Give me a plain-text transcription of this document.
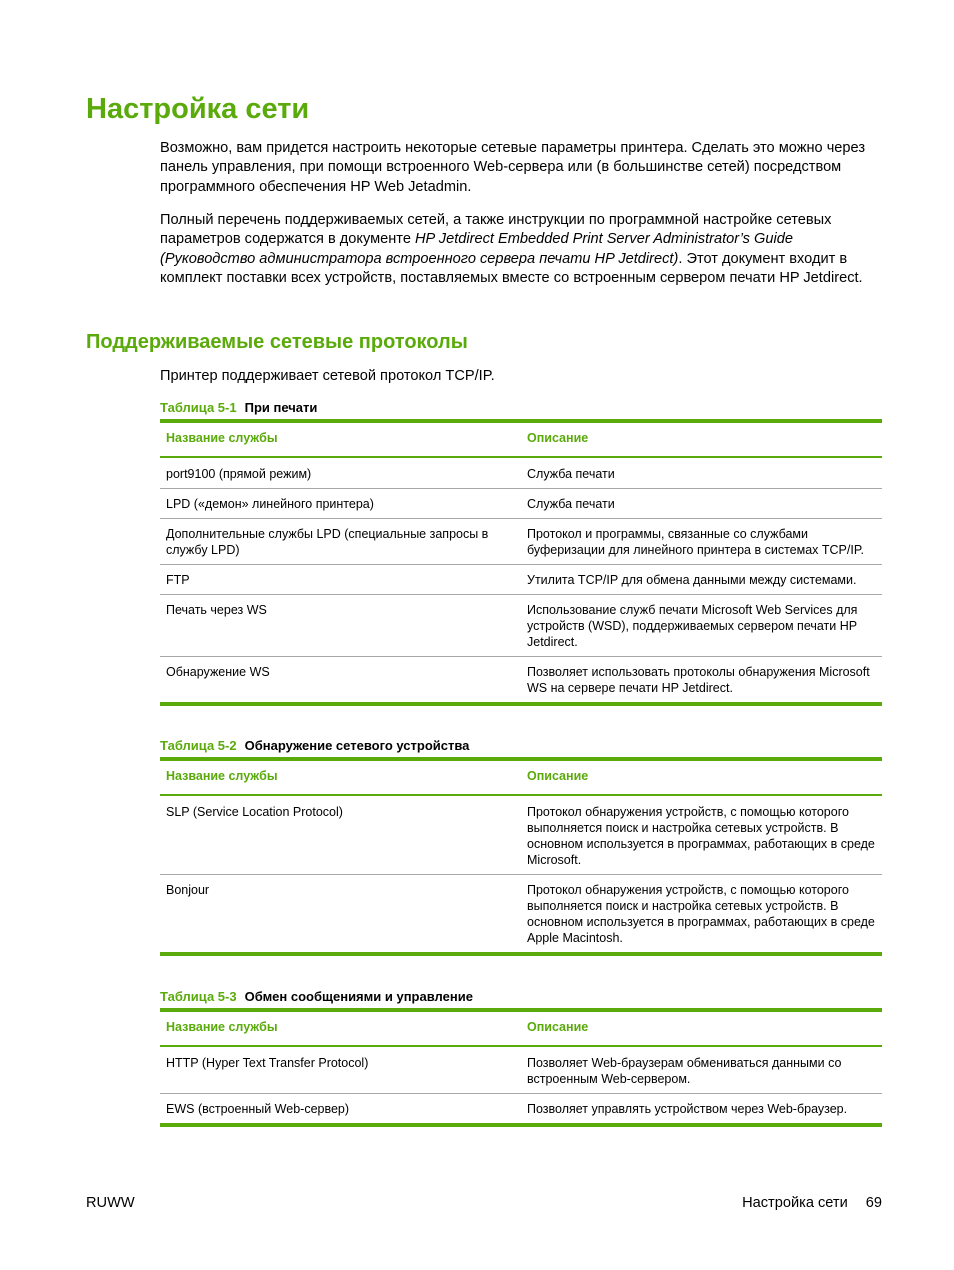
Настройка сети

Возможно, вам придется настроить некоторые сетевые параметры принтера. Сделать это можно через панель управления, при помощи встроенного Web-сервера или (в большинстве сетей) посредством программного обеспечения HP Web Jetadmin.

Полный перечень поддерживаемых сетей, а также инструкции по программной настройке сетевых параметров содержатся в документе HP Jetdirect Embedded Print Server Administrator’s Guide (Руководство администратора встроенного сервера печати HP Jetdirect). Этот документ входит в комплект поставки всех устройств, поставляемых вместе со встроенным сервером печати HP Jetdirect.

Поддерживаемые сетевые протоколы

Принтер поддерживает сетевой протокол TCP/IP.

Таблица 5-1 При печати
Название службы	Описание
port9100 (прямой режим)	Служба печати
LPD («демон» линейного принтера)	Служба печати
Дополнительные службы LPD (специальные запросы в службу LPD)	Протокол и программы, связанные со службами буферизации для линейного принтера в системах TCP/IP.
FTP	Утилита TCP/IP для обмена данными между системами.
Печать через WS	Использование служб печати Microsoft Web Services для устройств (WSD), поддерживаемых сервером печати HP Jetdirect.
Обнаружение WS	Позволяет использовать протоколы обнаружения Microsoft WS на сервере печати HP Jetdirect.
Таблица 5-2 Обнаружение сетевого устройства
Название службы	Описание
SLP (Service Location Protocol)	Протокол обнаружения устройств, с помощью которого выполняется поиск и настройка сетевых устройств. В основном используется в программах, работающих в среде Microsoft.
Bonjour	Протокол обнаружения устройств, с помощью которого выполняется поиск и настройка сетевых устройств. В основном используется в программах, работающих в среде Apple Macintosh.
Таблица 5-3 Обмен сообщениями и управление
Название службы	Описание
HTTP (Hyper Text Transfer Protocol)	Позволяет Web-браузерам обмениваться данными со встроенным Web-сервером.
EWS (встроенный Web-сервер)	Позволяет управлять устройством через Web-браузер.
RUWW	Настройка сети 69
